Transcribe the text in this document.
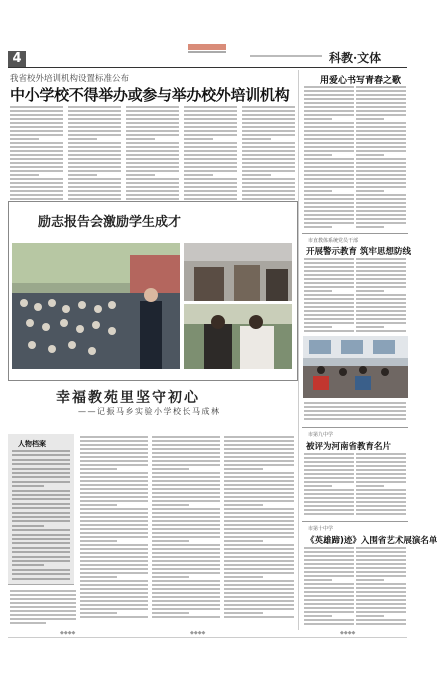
4	科教·文体
我省校外培训机构设置标准公布
中小学校不得举办或参与举办校外培训机构
励志报告会激励学生成才
幸福教苑里坚守初心
——记振马乡实验小学校长马成林
人物档案
用爱心书写青春之歌
市直教体系统党员干部
开展警示教育 筑牢思想防线
市第九中学
被评为河南省教育名片
市第十中学
《英雄蹄)迹》入围省艺术展演名单
◆◆◆◆	◆◆◆◆	◆◆◆◆
